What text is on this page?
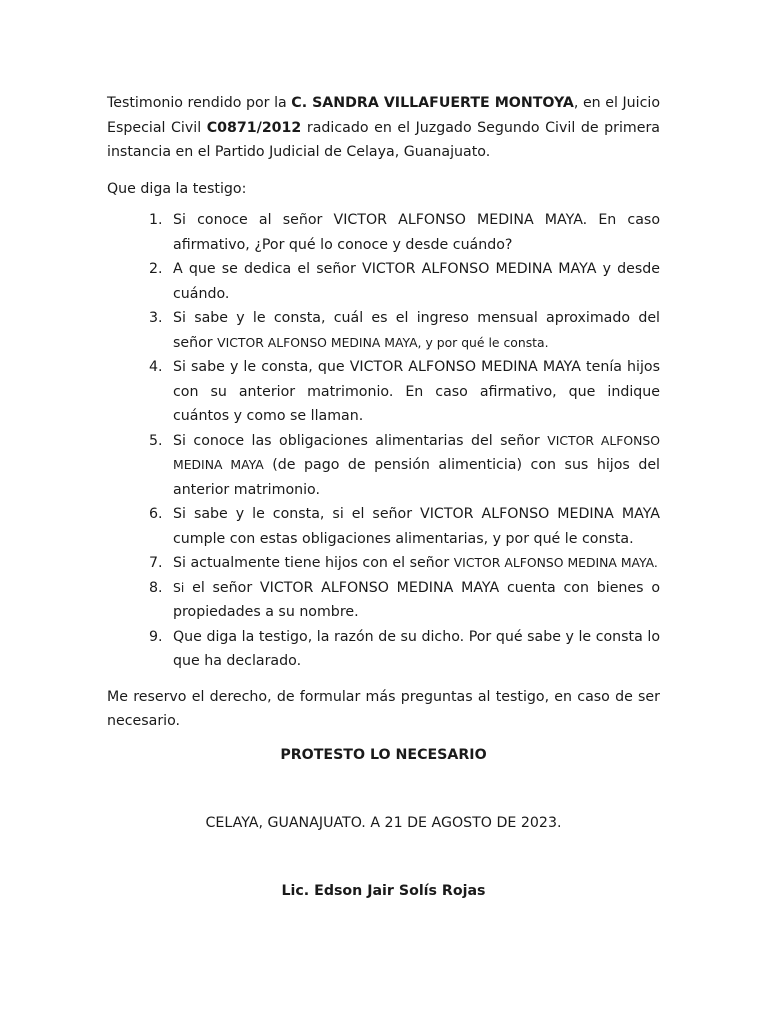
Testimonio rendido por la C. SANDRA VILLAFUERTE MONTOYA, en el Juicio Especial Civil C0871/2012 radicado en el Juzgado Segundo Civil de primera instancia en el Partido Judicial de Celaya, Guanajuato.

Que diga la testigo:

1. Si conoce al señor VICTOR ALFONSO MEDINA MAYA. En caso afirmativo, ¿Por qué lo conoce y desde cuándo?
2. A que se dedica el señor VICTOR ALFONSO MEDINA MAYA y desde cuándo.
3. Si sabe y le consta, cuál es el ingreso mensual aproximado del señor VICTOR ALFONSO MEDINA MAYA, y por qué le consta.
4. Si sabe y le consta, que VICTOR ALFONSO MEDINA MAYA tenía hijos con su anterior matrimonio. En caso afirmativo, que indique cuántos y como se llaman.
5. Si conoce las obligaciones alimentarias del señor VICTOR ALFONSO MEDINA MAYA (de pago de pensión alimenticia) con sus hijos del anterior matrimonio.
6. Si sabe y le consta, si el señor VICTOR ALFONSO MEDINA MAYA cumple con estas obligaciones alimentarias, y por qué le consta.
7. Si actualmente tiene hijos con el señor VICTOR ALFONSO MEDINA MAYA.
8. Si el señor VICTOR ALFONSO MEDINA MAYA cuenta con bienes o propiedades a su nombre.
9. Que diga la testigo, la razón de su dicho. Por qué sabe y le consta lo que ha declarado.

Me reservo el derecho, de formular más preguntas al testigo, en caso de ser necesario.

PROTESTO LO NECESARIO

CELAYA, GUANAJUATO. A 21 DE AGOSTO DE 2023.

Lic. Edson Jair Solís Rojas
